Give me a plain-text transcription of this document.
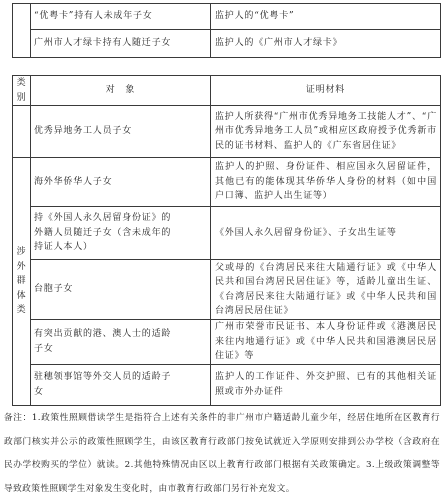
	“优粤卡”持有人未成年子女	监护人的“优粤卡”

	广州市人才绿卡持有人随迁子女	监护人的《广州市人才绿卡》
类别	对　象	证明材料

	优秀异地务工人员子女	监护人所获得“广州市优秀异地务工技能人才”、“广州市优秀异地务工人员”或相应区政府授予优秀新市民的证书材料、监护人的《广东省居住证》

涉外群体类	海外华侨华人子女	监护人的护照、身份证件、相应国永久居留证件，其他已有的能体现其华侨华人身份的材料（如中国户口簿、监护人出生证等）

	持《外国人永久居留身份证》的外籍人员随迁子女（含未成年的持证人本人）	《外国人永久居留身份证》、子女出生证等

	台胞子女	父或母的《台湾居民来往大陆通行证》或《中华人民共和国台湾居民居住证》等，适龄儿童出生证、《台湾居民来往大陆通行证》或《中华人民共和国台湾居民居住证》

	有突出贡献的港、澳人士的适龄子女	广州市荣誉市民证书、本人身份证件或《港澳居民来往内地通行证》或《中华人民共和国港澳居民居住证》等

	驻穗领事馆等外交人员的适龄子女	监护人的工作证件、外交护照、已有的其他相关证照或市外办证件

备注：1.政策性照顾借读学生是指符合上述有关条件的非广州市户籍适龄儿童少年，经居住地所在区教育行政部门核实并公示的政策性照顾学生，由该区教育行政部门按免试就近入学原则安排到公办学校（含政府在民办学校购买的学位）就读。2.其他特殊情况由区以上教育行政部门根据有关政策确定。3.上级政策调整等导致政策性照顾学生对象发生变化时，由市教育行政部门另行补充发文。
